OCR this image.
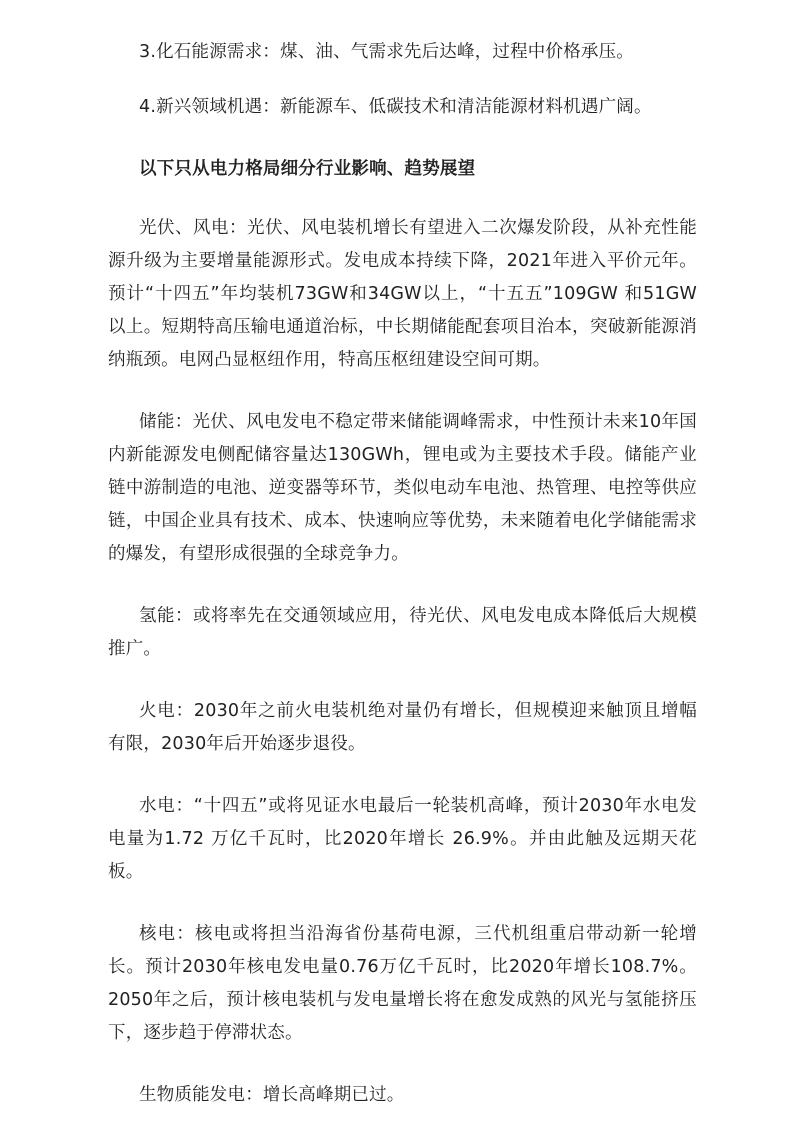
3.化石能源需求：煤、油、气需求先后达峰，过程中价格承压。

4.新兴领域机遇：新能源车、低碳技术和清洁能源材料机遇广阔。

以下只从电力格局细分行业影响、趋势展望

光伏、风电：光伏、风电装机增长有望进入二次爆发阶段，从补充性能源升级为主要增量能源形式。发电成本持续下降，2021年进入平价元年。预计“十四五”年均装机73GW和34GW以上，“十五五”109GW 和51GW 以上。短期特高压输电通道治标，中长期储能配套项目治本，突破新能源消纳瓶颈。电网凸显枢纽作用，特高压枢纽建设空间可期。

储能：光伏、风电发电不稳定带来储能调峰需求，中性预计未来10年国内新能源发电侧配储容量达130GWh，锂电或为主要技术手段。储能产业链中游制造的电池、逆变器等环节，类似电动车电池、热管理、电控等供应链，中国企业具有技术、成本、快速响应等优势，未来随着电化学储能需求的爆发，有望形成很强的全球竞争力。

氢能：或将率先在交通领域应用，待光伏、风电发电成本降低后大规模推广。

火电：2030年之前火电装机绝对量仍有增长，但规模迎来触顶且增幅有限，2030年后开始逐步退役。

水电：“十四五”或将见证水电最后一轮装机高峰，预计2030年水电发电量为1.72 万亿千瓦时，比2020年增长 26.9%。并由此触及远期天花板。

核电：核电或将担当沿海省份基荷电源，三代机组重启带动新一轮增长。预计2030年核电发电量0.76万亿千瓦时，比2020年增长108.7%。2050年之后，预计核电装机与发电量增长将在愈发成熟的风光与氢能挤压下，逐步趋于停滞状态。

生物质能发电：增长高峰期已过。
